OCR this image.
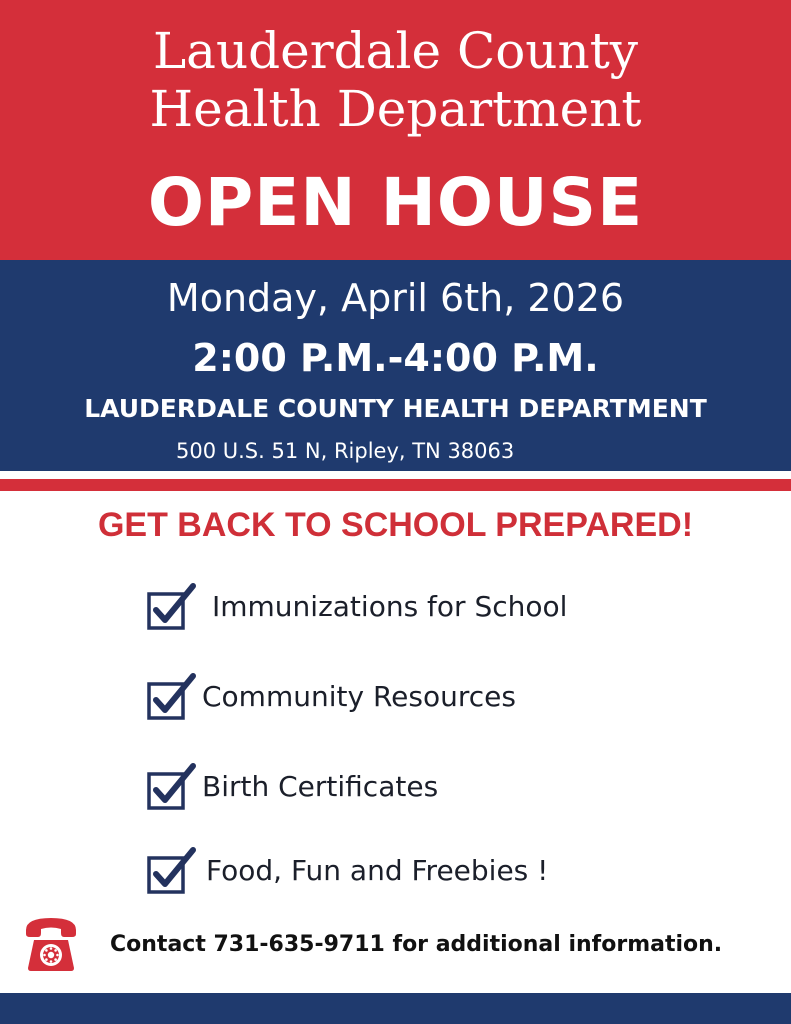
Lauderdale County
Health Department
OPEN HOUSE
Monday, April 6th, 2026
2:00 P.M.-4:00 P.M.
LAUDERDALE COUNTY HEALTH DEPARTMENT
500 U.S. 51 N, Ripley, TN 38063
GET BACK TO SCHOOL PREPARED!
Immunizations for School
Community Resources
Birth Certificates
Food, Fun and Freebies !
Contact 731-635-9711 for additional information.
